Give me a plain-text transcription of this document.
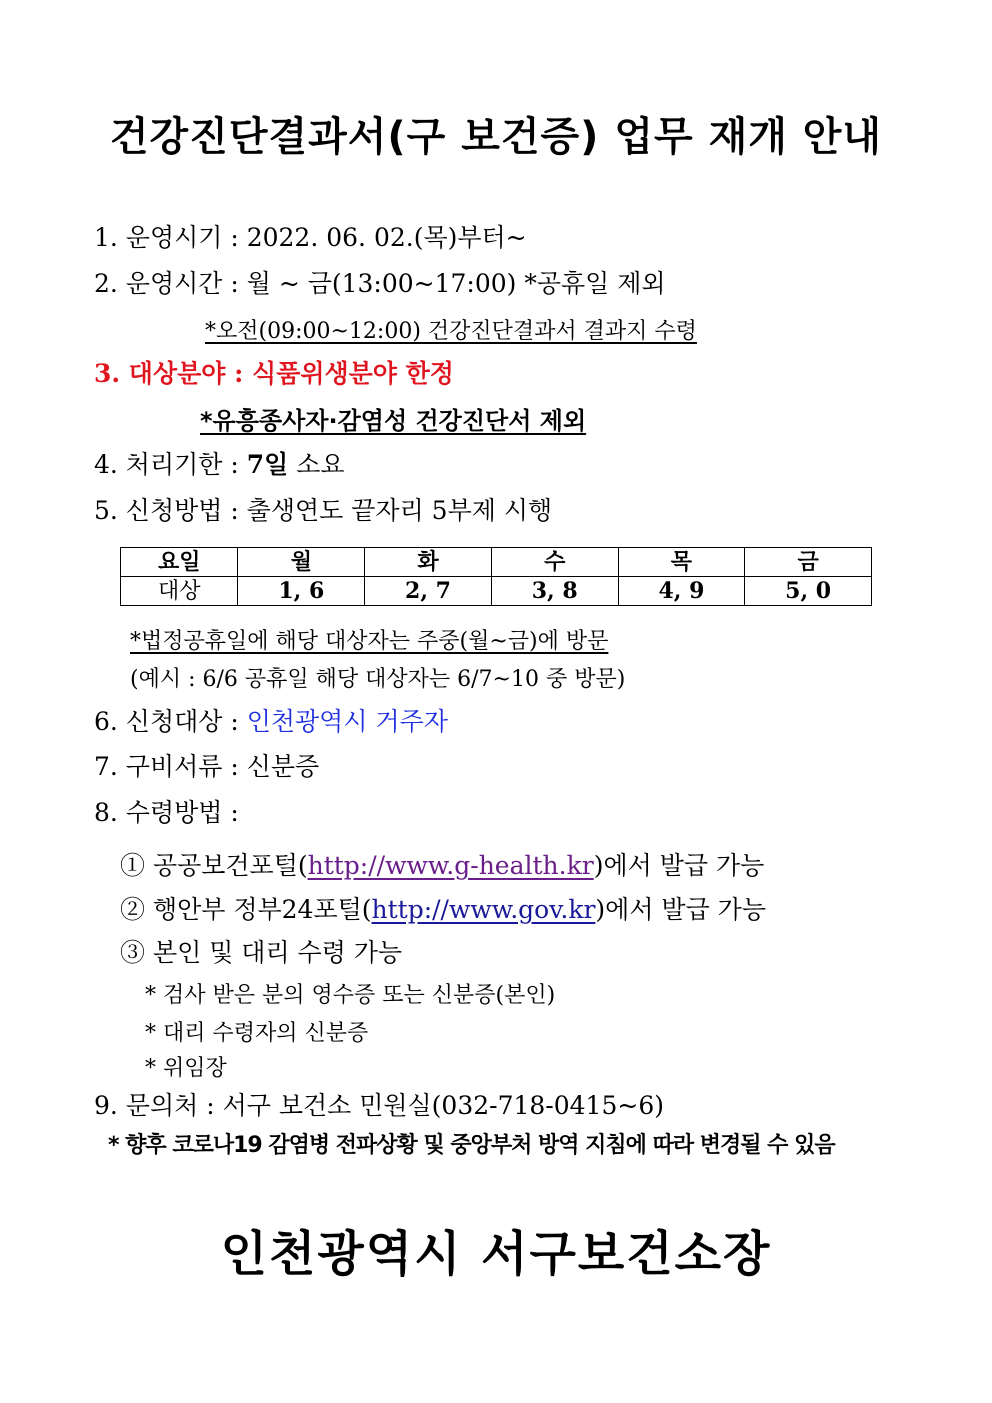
건강진단결과서(구 보건증) 업무 재개 안내
1. 운영시기 : 2022. 06. 02.(목)부터~
2. 운영시간 : 월 ~ 금(13:00~17:00) *공휴일 제외
*오전(09:00~12:00) 건강진단결과서 결과지 수령
3. 대상분야 : 식품위생분야 한정
*유흥종사자·감염성 건강진단서 제외
4. 처리기한 : 7일 소요
5. 신청방법 : 출생연도 끝자리 5부제 시행
요일	월	화	수	목	금
대상	1, 6	2, 7	3, 8	4, 9	5, 0
*법정공휴일에 해당 대상자는 주중(월~금)에 방문
(예시 : 6/6 공휴일 해당 대상자는 6/7~10 중 방문)
6. 신청대상 : 인천광역시 거주자
7. 구비서류 : 신분증
8. 수령방법 :
① 공공보건포털(http://www.g-health.kr)에서 발급 가능
② 행안부 정부24포털(http://www.gov.kr)에서 발급 가능
③ 본인 및 대리 수령 가능
* 검사 받은 분의 영수증 또는 신분증(본인)
* 대리 수령자의 신분증
* 위임장
9. 문의처 : 서구 보건소 민원실(032-718-0415~6)
* 향후 코로나19 감염병 전파상황 및 중앙부처 방역 지침에 따라 변경될 수 있음
인천광역시 서구보건소장
